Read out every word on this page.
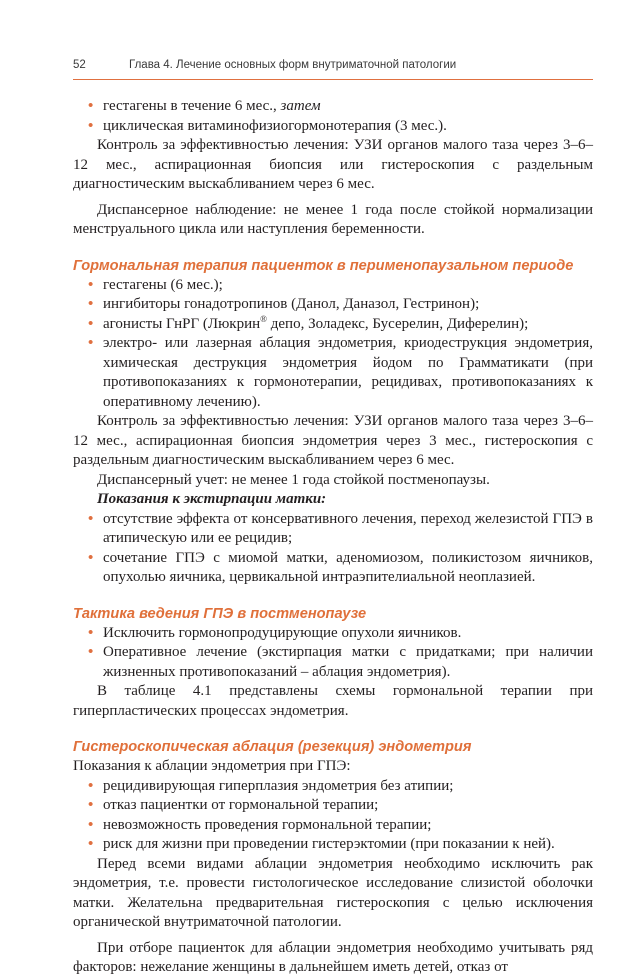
52	Глава 4. Лечение основных форм внутриматочной патологии
• гестагены в течение 6 мес., затем
• циклическая витаминофизиогормонотерапия (3 мес.).

Контроль за эффективностью лечения: УЗИ органов малого таза через 3–6–12 мес., аспирационная биопсия или гистероскопия с раздельным диагностическим выскабливанием через 6 мес.

Диспансерное наблюдение: не менее 1 года после стойкой нормализации менструального цикла или наступления беременности.

Гормональная терапия пациенток в перименопаузальном периоде
• гестагены (6 мес.);
• ингибиторы гонадотропинов (Данол, Даназол, Гестринон);
• агонисты ГнРГ (Люкрин® депо, Золадекс, Бусерелин, Диферелин);
• электро- или лазерная аблация эндометрия, криодеструкция эндометрия, химическая деструкция эндометрия йодом по Грамматикати (при противопоказаниях к гормонотерапии, рецидивах, противопоказаниях к оперативному лечению).

Контроль за эффективностью лечения: УЗИ органов малого таза через 3–6–12 мес., аспирационная биопсия эндометрия через 3 мес., гистероскопия с раздельным диагностическим выскабливанием через 6 мес.

Диспансерный учет: не менее 1 года стойкой постменопаузы.

Показания к экстирпации матки:
• отсутствие эффекта от консервативного лечения, переход железистой ГПЭ в атипическую или ее рецидив;
• сочетание ГПЭ с миомой матки, аденомиозом, поликистозом яичников, опухолью яичника, цервикальной интраэпителиальной неоплазией.
Тактика ведения ГПЭ в постменопаузе
• Исключить гормонопродуцирующие опухоли яичников.
• Оперативное лечение (экстирпация матки с придатками; при наличии жизненных противопоказаний – аблация эндометрия).

В таблице 4.1 представлены схемы гормональной терапии при гиперпластических процессах эндометрия.

Гистероскопическая аблация (резекция) эндометрия

Показания к аблации эндометрия при ГПЭ:

• рецидивирующая гиперплазия эндометрия без атипии;
• отказ пациентки от гормональной терапии;
• невозможность проведения гормональной терапии;
• риск для жизни при проведении гистерэктомии (при показании к ней).

Перед всеми видами аблации эндометрия необходимо исключить рак эндометрия, т.е. провести гистологическое исследование слизистой оболочки матки. Желательна предварительная гистероскопия с целью исключения органической внутриматочной патологии.

При отборе пациенток для аблации эндометрия необходимо учитывать ряд факторов: нежелание женщины в дальнейшем иметь детей, отказ от
